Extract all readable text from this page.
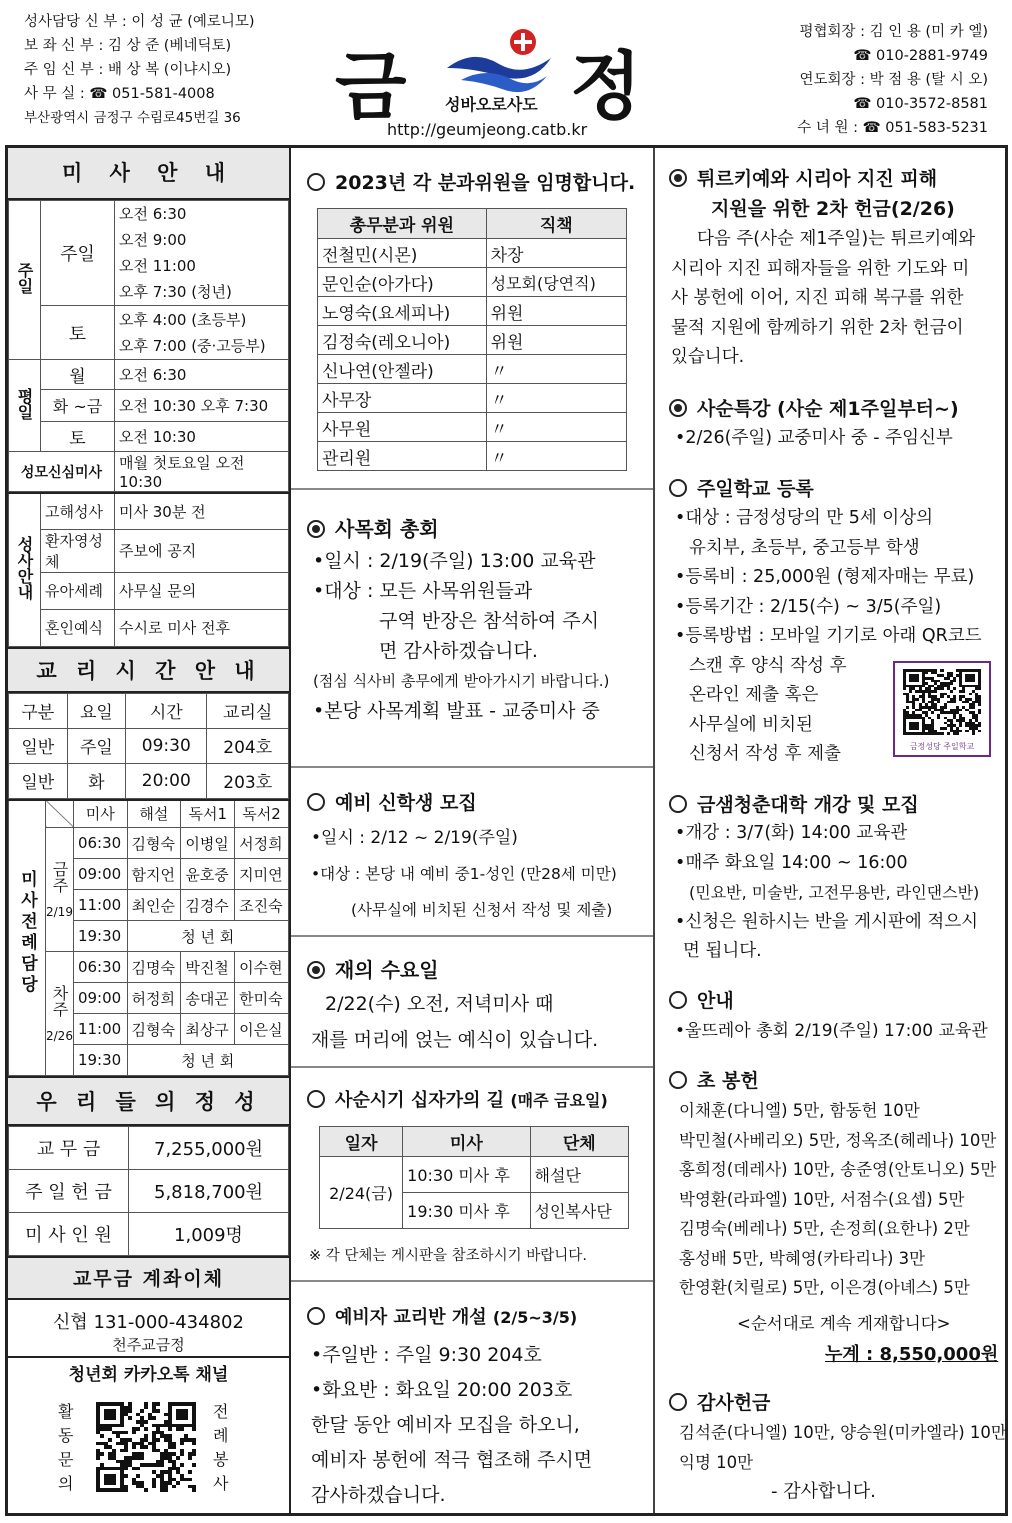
성사담당 신 부 : 이 성 균 (예로니모)
보 좌 신 부 : 김 상 준 (베네딕토)
주 임 신 부 : 배 상 복 (이냐시오)
사 무 실 : ☎ 051-581-4008
부산광역시 금정구 수림로45번길 36 금	성바오로사도 정
http://geumjeong.catb.kr
평협회장 : 김 인 용 (미 카 엘)
☎ 010-2881-9749
연도회장 : 박 점 용 (탈 시 오)
☎ 010-3572-8581
수 녀 원 : ☎ 051-583-5231
미 사 안 내
주일	주일	오전 6:30
오전 9:00
오전 11:00
오후 7:30 (청년)

	토	오후 4:00 (초등부)
오후 7:00 (중·고등부)

평일	월	오전 6:30
	화 ~금	오전 10:30 오후 7:30
	토	오전 10:30
성모신심미사		매월 첫토요일 오전 10:30
성사안내	고해성사	미사 30분 전
	환자영성체	주보에 공지
	유아세례	사무실 문의
	혼인예식	수시로 미사 전후
교 리 시 간 안 내
구분	요일	시간	교리실
일반	주일	09:30	204호
일반	화	20:00	203호
미사전례담당		미사	해설	독서1	독서2
	금주
2/19	06:30	김형숙	이병일	서정희
		09:00	함지언	윤호중	지미연
		11:00	최인순	김경수	조진숙
		19:30	청 년 회		
	차주
2/26	06:30	김명숙	박진철	이수현
		09:00	허정희	송대곤	한미숙
		11:00	김형숙	최상구	이은실
		19:30	청 년 회		
우 리 들 의 정 성
교 무 금	7,255,000원
주 일 헌 금	5,818,700원
미 사 인 원	1,009명
교무금 계좌이체
신협 131-000-434802
천주교금정
청년회 카카오톡 채널
활
동
문
의
전
례
봉
사
2023년 각 분과위원을 임명합니다.
총무분과 위원	직책
전철민(시몬)	차장
문인순(아가다)	성모회(당연직)
노영숙(요세피나)	위원
김정숙(레오니아)	위원
신나연(안젤라)	〃
사무장	〃
사무원	〃
관리원	〃
사목회 총회
•일시 : 2/19(주일) 13:00 교육관
•대상 : 모든 사목위원들과
구역 반장은 참석하여 주시
면 감사하겠습니다.
(점심 식사비 총무에게 받아가시기 바랍니다.)
•본당 사목계획 발표 - 교중미사 중
예비 신학생 모집
•일시 : 2/12 ~ 2/19(주일)
•대상 : 본당 내 예비 중1-성인 (만28세 미만)
(사무실에 비치된 신청서 작성 및 제출)
재의 수요일
2/22(수) 오전, 저녁미사 때
재를 머리에 얹는 예식이 있습니다.
사순시기 십자가의 길 (매주 금요일)
일자	미사	단체
2/24(금)	10:30 미사 후	해설단
	19:30 미사 후	성인복사단
※ 각 단체는 게시판을 참조하시기 바랍니다.
예비자 교리반 개설 (2/5~3/5)
•주일반 : 주일 9:30 204호
•화요반 : 화요일 20:00 203호
한달 동안 예비자 모집을 하오니,
예비자 봉헌에 적극 협조해 주시면
감사하겠습니다.
튀르키예와 시리아 지진 피해
지원을 위한 2차 헌금(2/26)
다음 주(사순 제1주일)는 튀르키예와
시리아 지진 피해자들을 위한 기도와 미
사 봉헌에 이어, 지진 피해 복구를 위한
물적 지원에 함께하기 위한 2차 헌금이
있습니다.
사순특강 (사순 제1주일부터~)
•2/26(주일) 교중미사 중 - 주임신부
주일학교 등록
•대상 : 금정성당의 만 5세 이상의
유치부, 초등부, 중고등부 학생
•등록비 : 25,000원 (형제자매는 무료)
•등록기간 : 2/15(수) ~ 3/5(주일)
•등록방법 : 모바일 기기로 아래 QR코드
스캔 후 양식 작성 후
온라인 제출 혹은
사무실에 비치된
신청서 작성 후 제출	금정성당 주일학교
금샘청춘대학 개강 및 모집
•개강 : 3/7(화) 14:00 교육관
•매주 화요일 14:00 ~ 16:00
(민요반, 미술반, 고전무용반, 라인댄스반)
•신청은 원하시는 반을 게시판에 적으시
면 됩니다.
안내
•울뜨레아 총회 2/19(주일) 17:00 교육관
초 봉헌
이채훈(다니엘) 5만, 함동헌 10만
박민철(사베리오) 5만, 정옥조(헤레나) 10만
홍희정(데레사) 10만, 송준영(안토니오) 5만
박영환(라파엘) 10만, 서점수(요셉) 5만
김명숙(베레나) 5만, 손정희(요한나) 2만
홍성배 5만, 박혜영(카타리나) 3만
한영환(치릴로) 5만, 이은경(아녜스) 5만
<순서대로 계속 게재합니다>
누계 : 8,550,000원
감사헌금
김석준(다니엘) 10만, 양승원(미카엘라) 10만
익명 10만
- 감사합니다.
